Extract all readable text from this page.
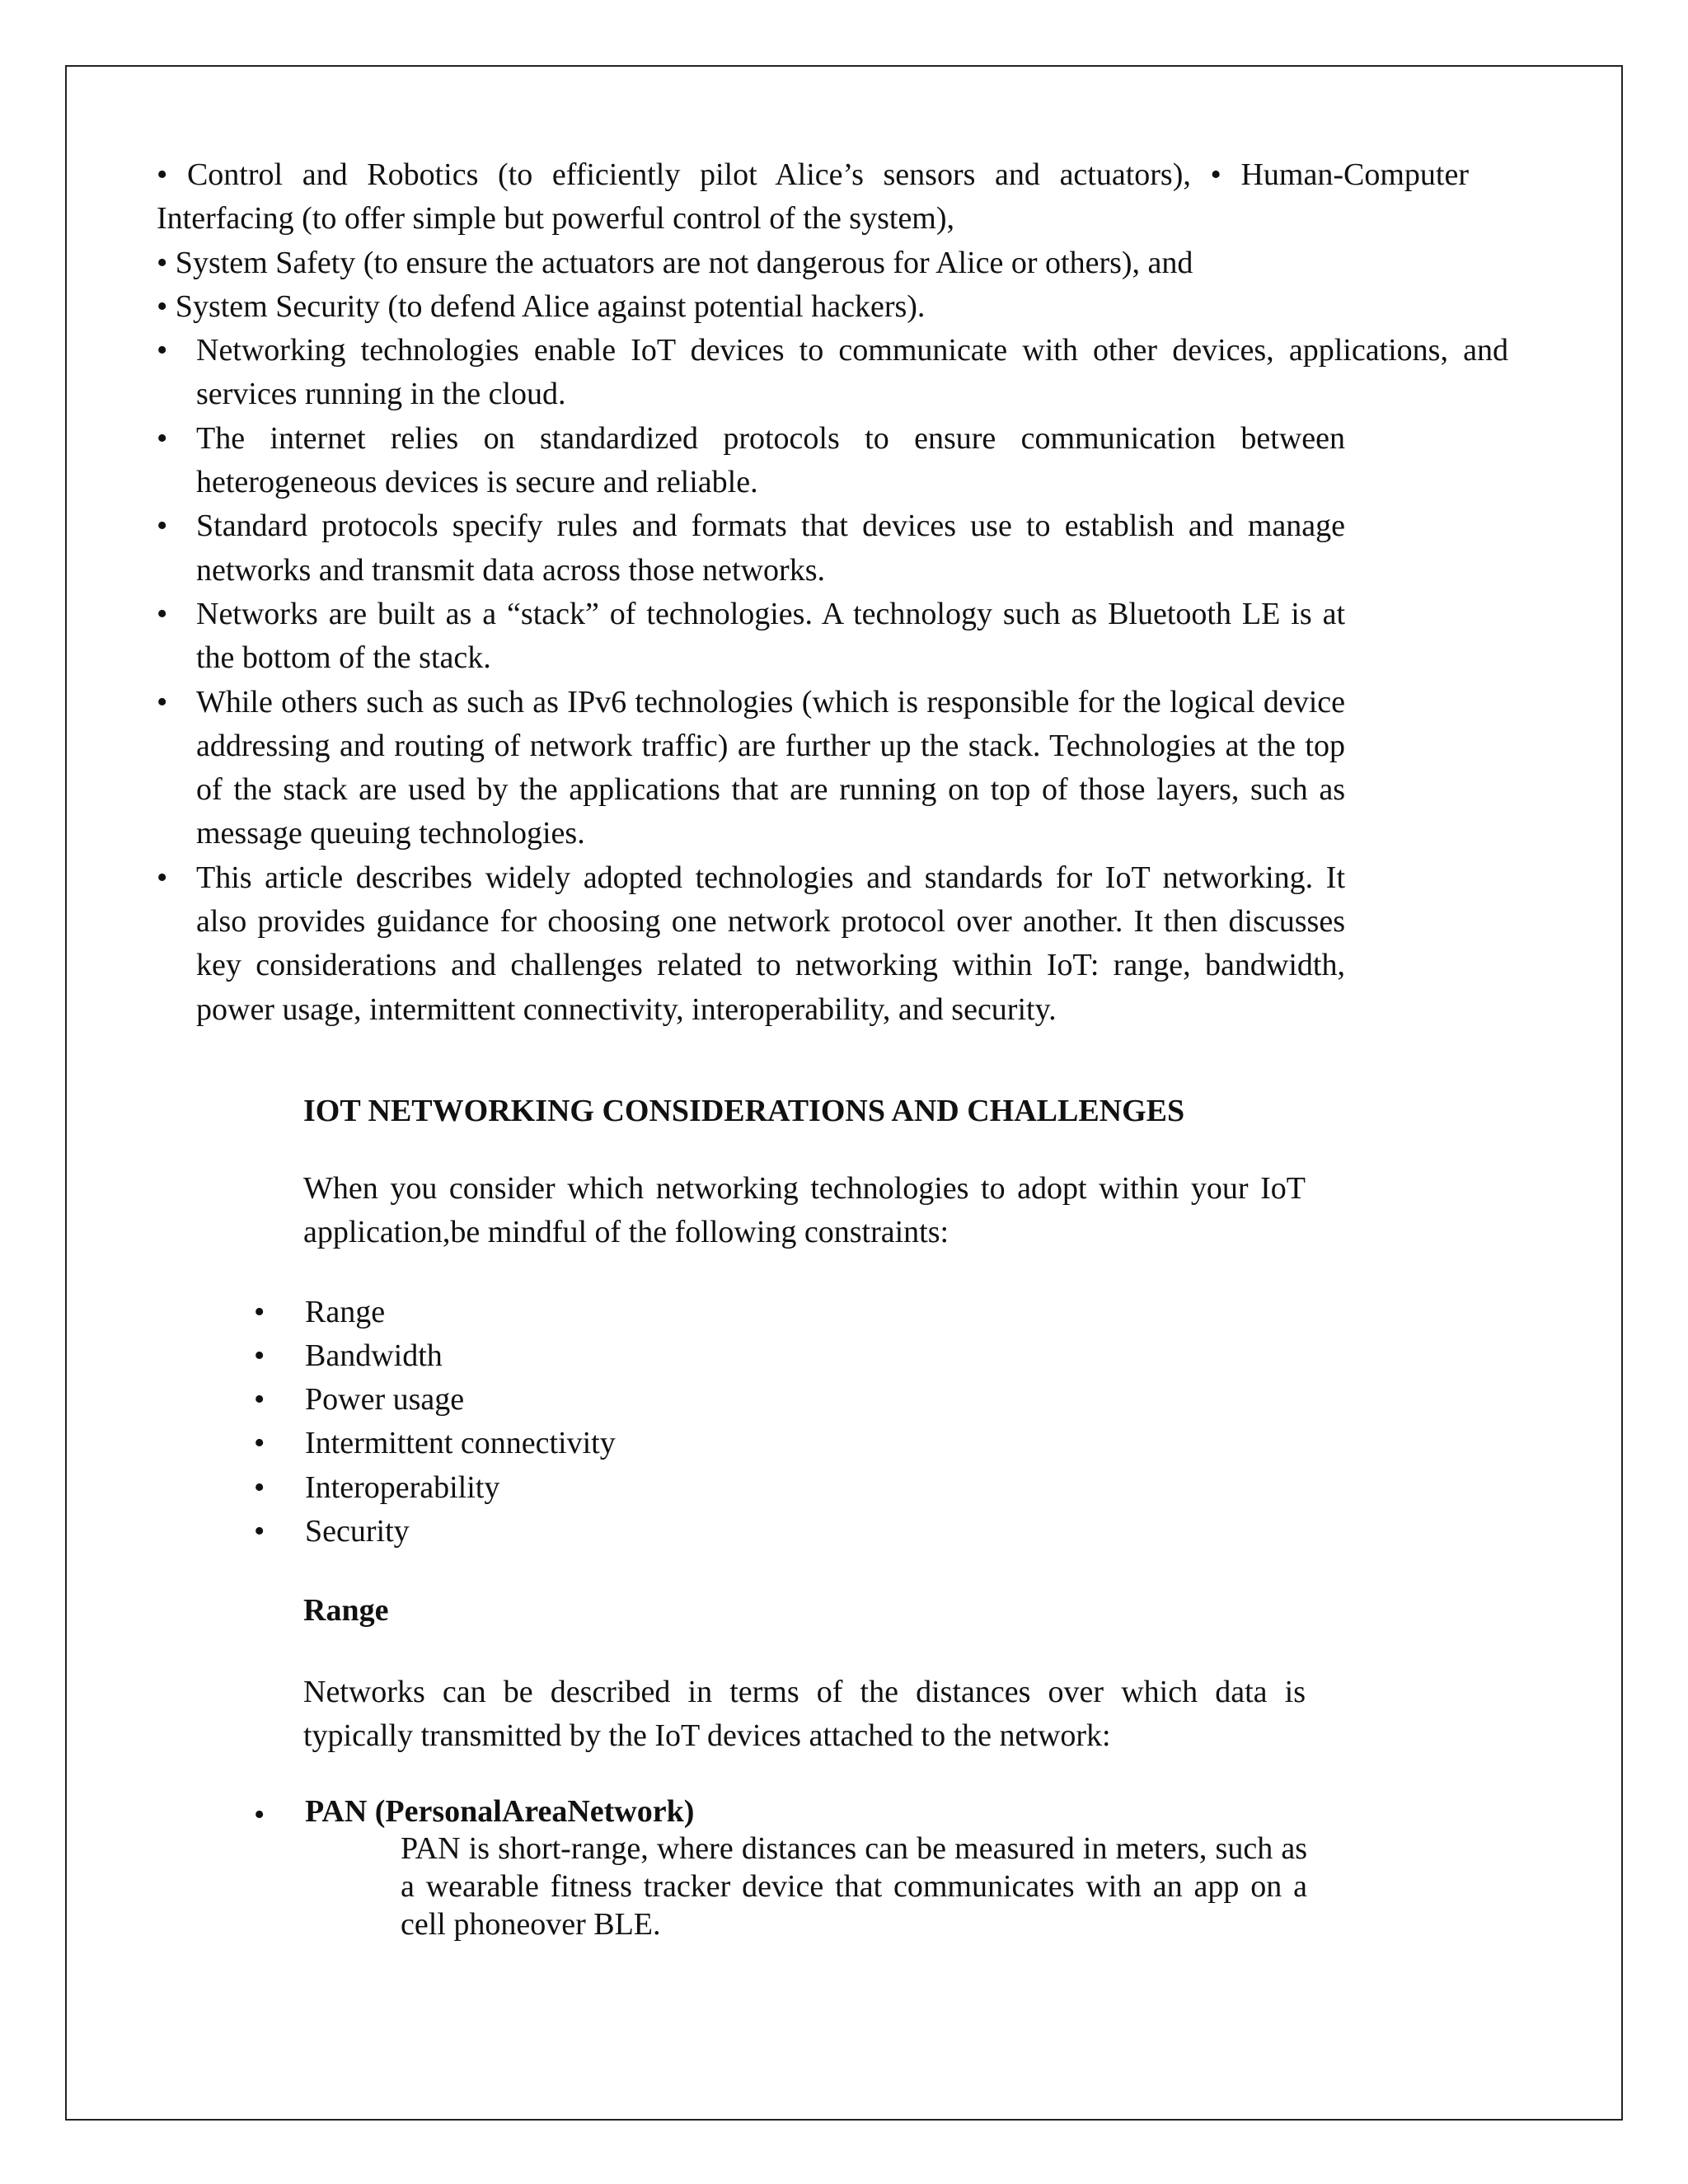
• Control and Robotics (to efficiently pilot Alice’s sensors and actuators), • Human-Computer Interfacing (to offer simple but powerful control of the system),
• System Safety (to ensure the actuators are not dangerous for Alice or others), and
• System Security (to defend Alice against potential hackers).
• Networking technologies enable IoT devices to communicate with other devices, applications, and services running in the cloud.
• The internet relies on standardized protocols to ensure communication between heterogeneous devices is secure and reliable.
• Standard protocols specify rules and formats that devices use to establish and manage networks and transmit data across those networks.
• Networks are built as a “stack” of technologies. A technology such as Bluetooth LE is at the bottom of the stack.
• While others such as such as IPv6 technologies (which is responsible for the logical device addressing and routing of network traffic) are further up the stack. Technologies at the top of the stack are used by the applications that are running on top of those layers, such as message queuing technologies.
• This article describes widely adopted technologies and standards for IoT networking. It also provides guidance for choosing one network protocol over another. It then discusses key considerations and challenges related to networking within IoT: range, bandwidth, power usage, intermittent connectivity, interoperability, and security.
IOT NETWORKING CONSIDERATIONS AND CHALLENGES
When you consider which networking technologies to adopt within your IoT application,be mindful of the following constraints:
• Range
• Bandwidth
• Power usage
• Intermittent connectivity
• Interoperability
• Security
Range
Networks can be described in terms of the distances over which data is typically transmitted by the IoT devices attached to the network:
• PAN (PersonalAreaNetwork)
PAN is short-range, where distances can be measured in meters, such as a wearable fitness tracker device that communicates with an app on a cell phoneover BLE.
